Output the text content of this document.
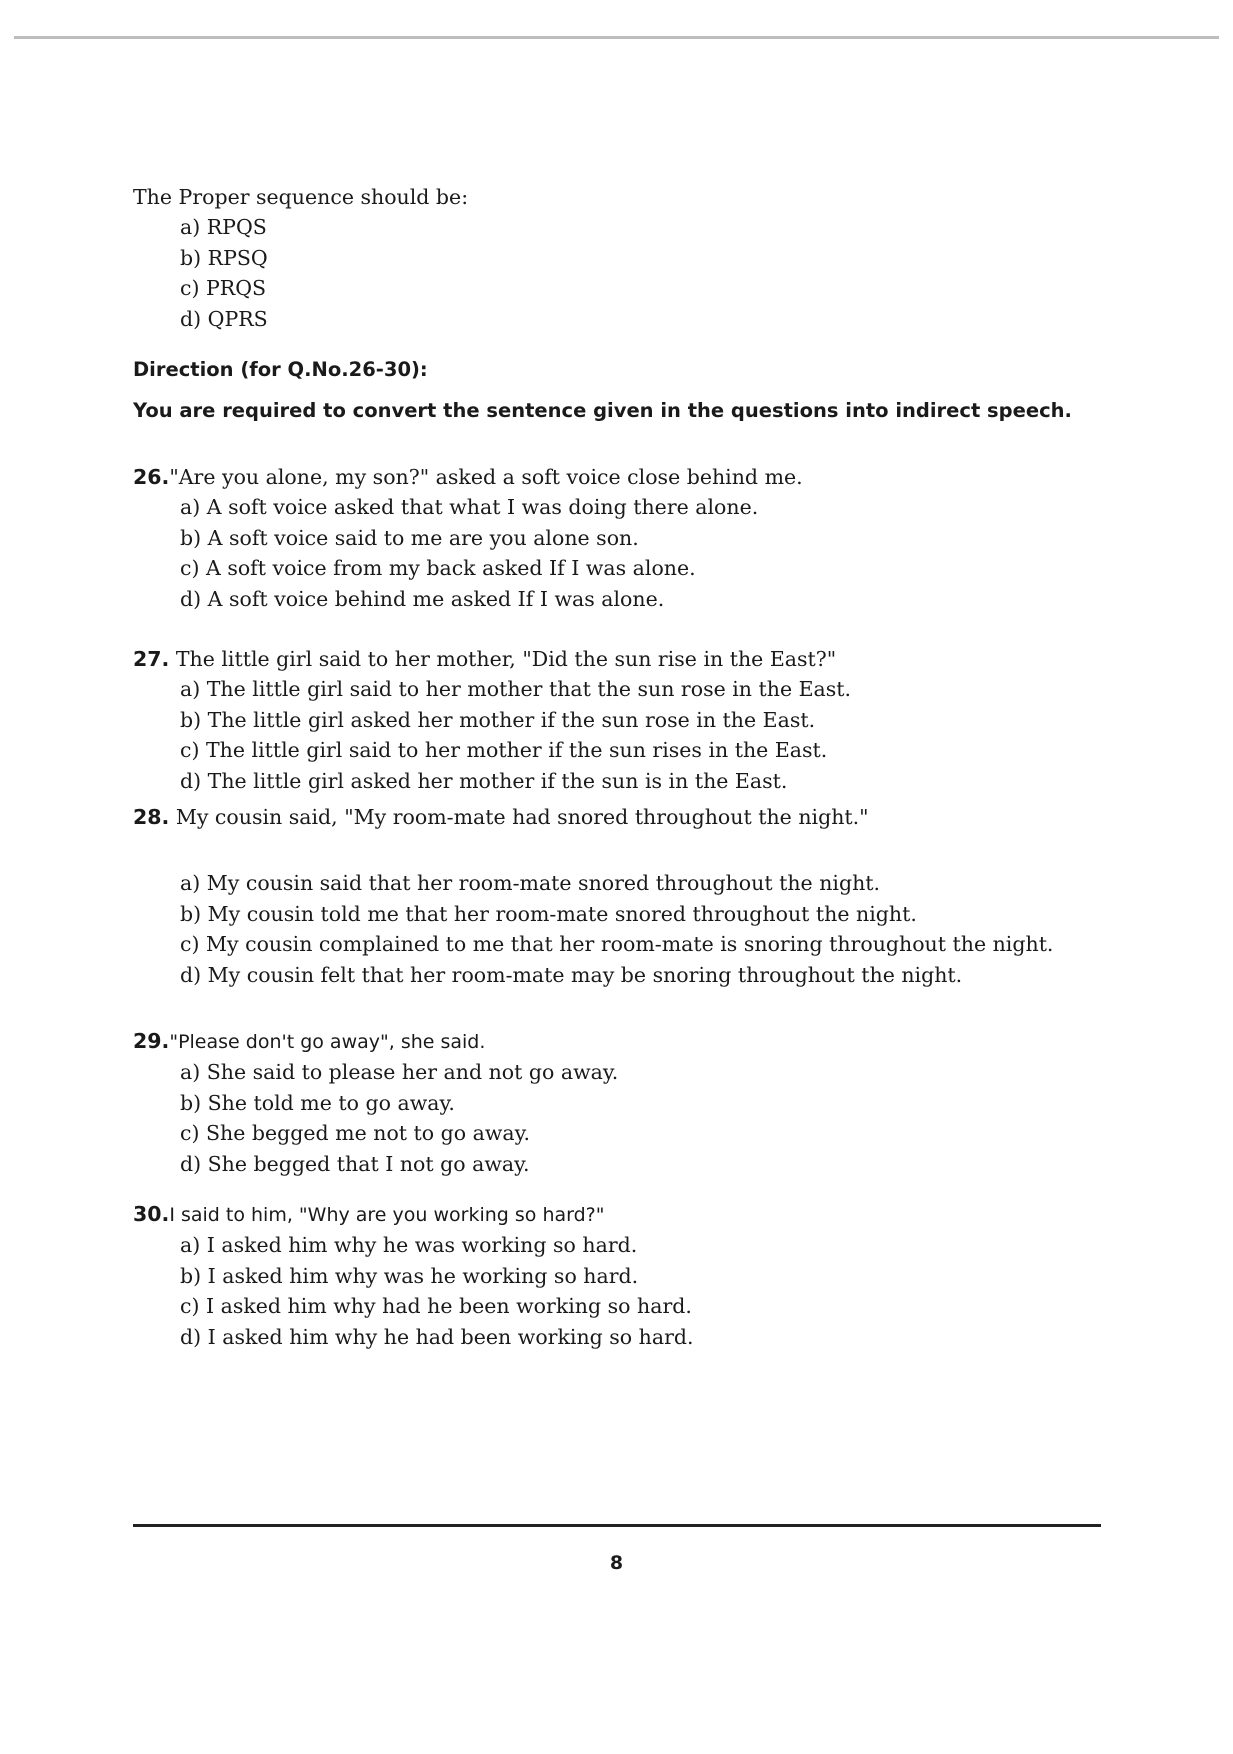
The Proper sequence should be:
a) RPQS
b) RPSQ
c) PRQS
d) QPRS
Direction (for Q.No.26-30):
You are required to convert the sentence given in the questions into indirect speech.
26."Are you alone, my son?" asked a soft voice close behind me.
a) A soft voice asked that what I was doing there alone.
b) A soft voice said to me are you alone son.
c) A soft voice from my back asked If I was alone.
d) A soft voice behind me asked If I was alone.
27. The little girl said to her mother, "Did the sun rise in the East?"
a) The little girl said to her mother that the sun rose in the East.
b) The little girl asked her mother if the sun rose in the East.
c) The little girl said to her mother if the sun rises in the East.
d) The little girl asked her mother if the sun is in the East.
28. My cousin said, "My room-mate had snored throughout the night."
a) My cousin said that her room-mate snored throughout the night.
b) My cousin told me that her room-mate snored throughout the night.
c) My cousin complained to me that her room-mate is snoring throughout the night.
d) My cousin felt that her room-mate may be snoring throughout the night.
29."Please don't go away", she said.
a) She said to please her and not go away.
b) She told me to go away.
c) She begged me not to go away.
d) She begged that I not go away.
30.I said to him, "Why are you working so hard?"
a) I asked him why he was working so hard.
b) I asked him why was he working so hard.
c) I asked him why had he been working so hard.
d) I asked him why he had been working so hard.
8
